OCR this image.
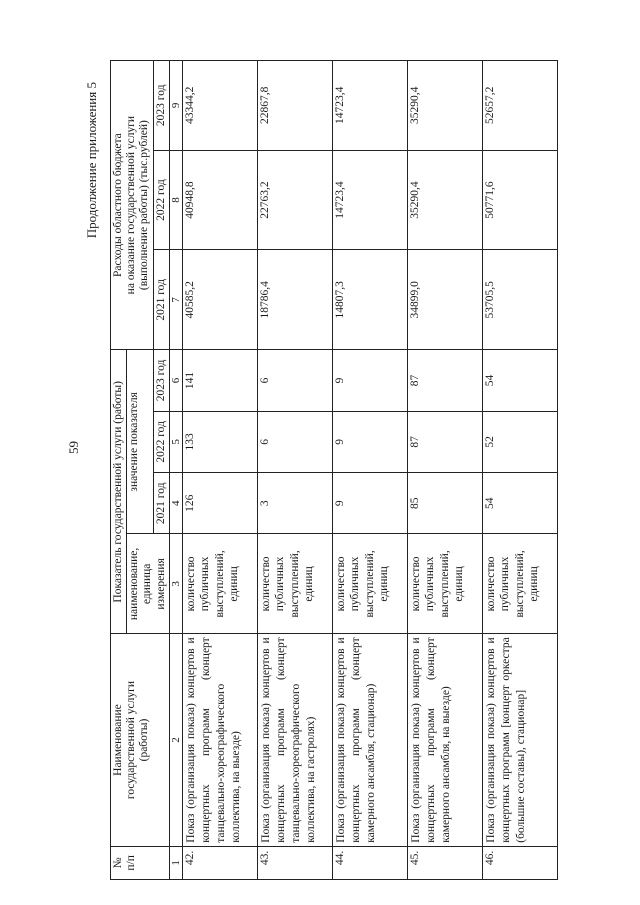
59
Продолжение приложения 5
№
п/п	Наименование
государственной услуги
(работы)	Показатель государственной услуги (работы)				Расходы областного бюджета
на оказание государственной услуги
(выполнение работы) (тыс.рублей)		
		наименование,
единица
измерения	значение показателя					
			2021 год	2022 год	2023 год	2021 год	2022 год	2023 год
1	2	3	4	5	6	7	8	9
42.	Показ (организация показа) концертов и концертных программ (концерт танцевально-хореографического коллектива, на выезде)	количество публичных выступлений, единиц	126	133	141	40585,2	40948,8	43344,2
43.	Показ (организация показа) концертов и концертных программ (концерт танцевально-хореографического коллектива, на гастролях)	количество публичных выступлений, единиц	3	6	6	18786,4	22763,2	22867,8
44.	Показ (организация показа) концертов и концертных программ (концерт камерного ансамбля, стационар)	количество публичных выступлений, единиц	9	9	9	14807,3	14723,4	14723,4
45.	Показ (организация показа) концертов и концертных программ (концерт камерного ансамбля, на выезде)	количество публичных выступлений, единиц	85	87	87	34899,0	35290,4	35290,4
46.	Показ (организация показа) концертов и концертных программ [концерт оркестра (большие составы), стационар]	количество публичных выступлений, единиц	54	52	54	53705,5	50771,6	52657,2
